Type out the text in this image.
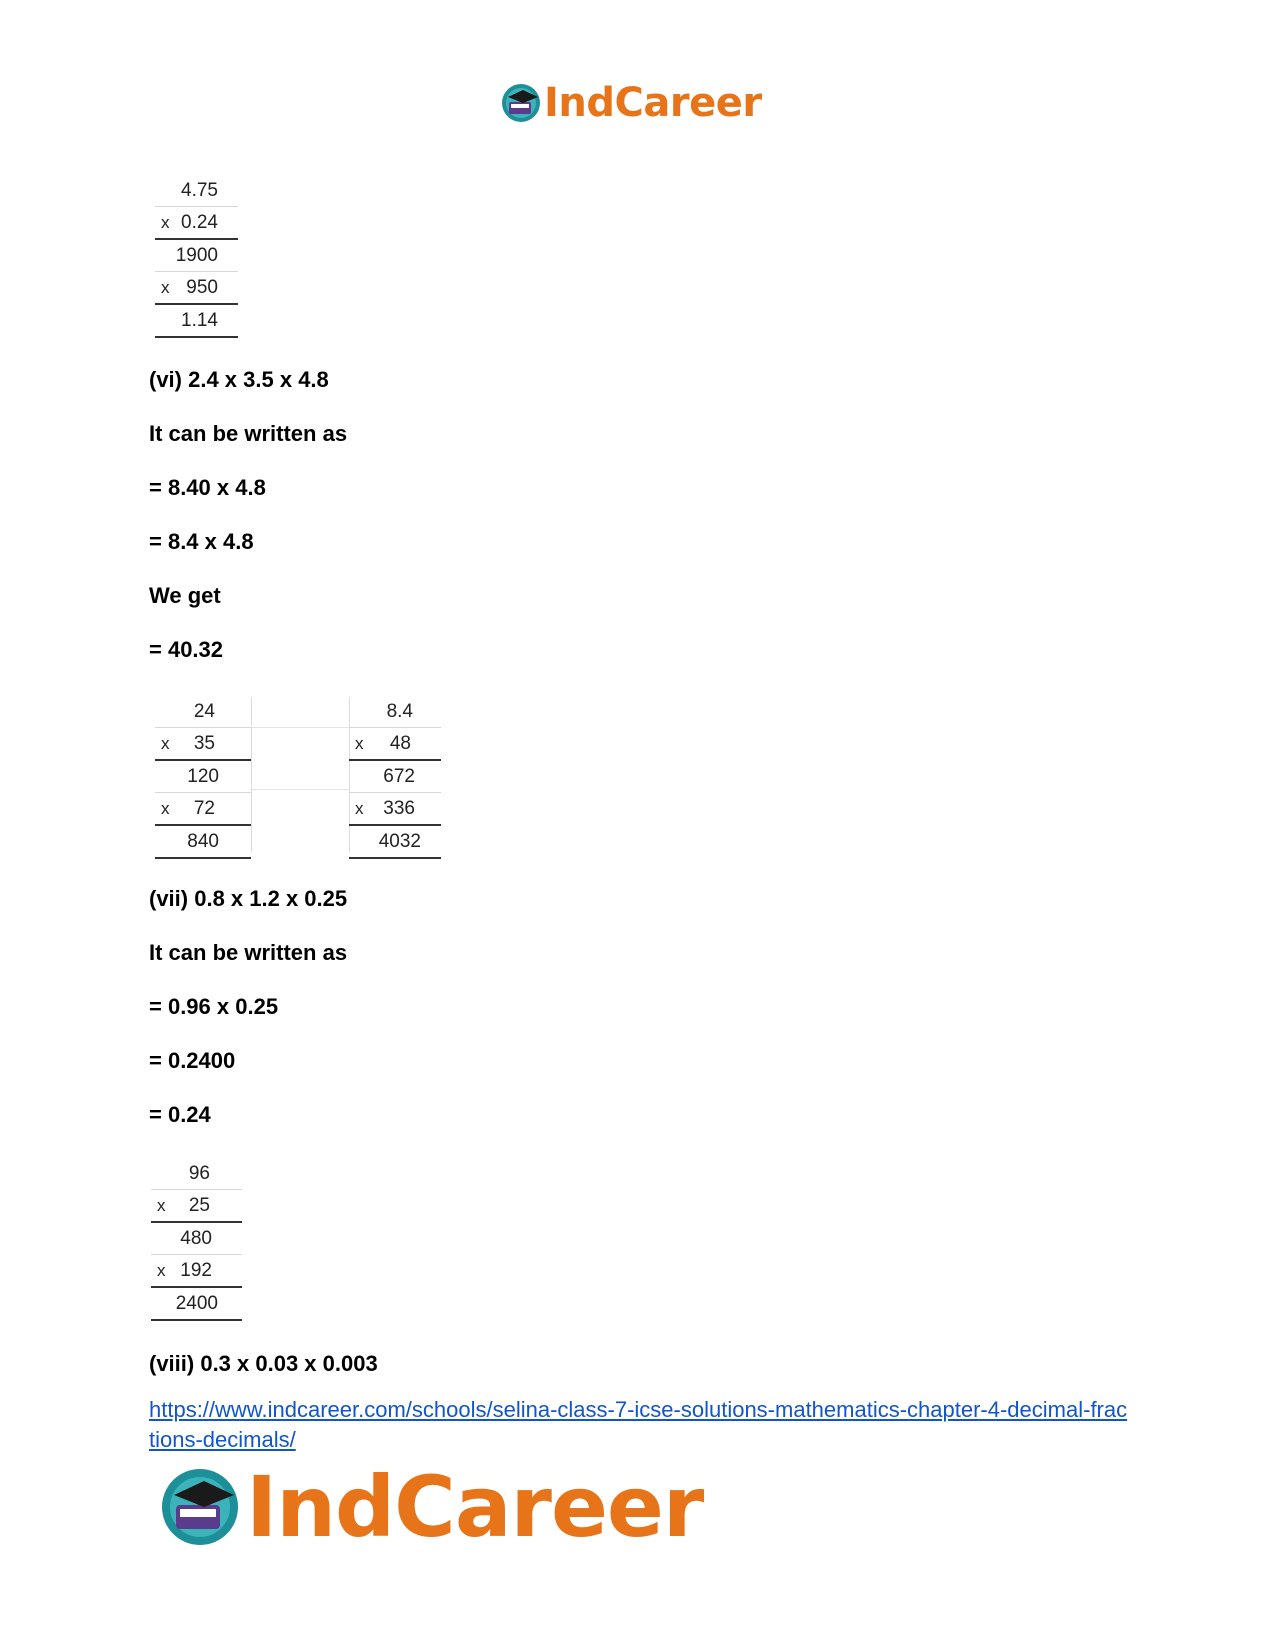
IndCareer
4.75
x 0.24
1900
x 950
1.14
(vi) 2.4 x 3.5 x 4.8
It can be written as
= 8.40 x 4.8
= 8.4 x 4.8
We get
= 40.32
24
x 35
120
x 72
840
8.4
x 48
672
x 336
4032
(vii) 0.8 x 1.2 x 0.25
It can be written as
= 0.96 x 0.25
= 0.2400
= 0.24
96
x 25
480
x 192
2400
(viii) 0.3 x 0.03 x 0.003
https://www.indcareer.com/schools/selina-class-7-icse-solutions-mathematics-chapter-4-decimal-fractions-decimals/
IndCareer
